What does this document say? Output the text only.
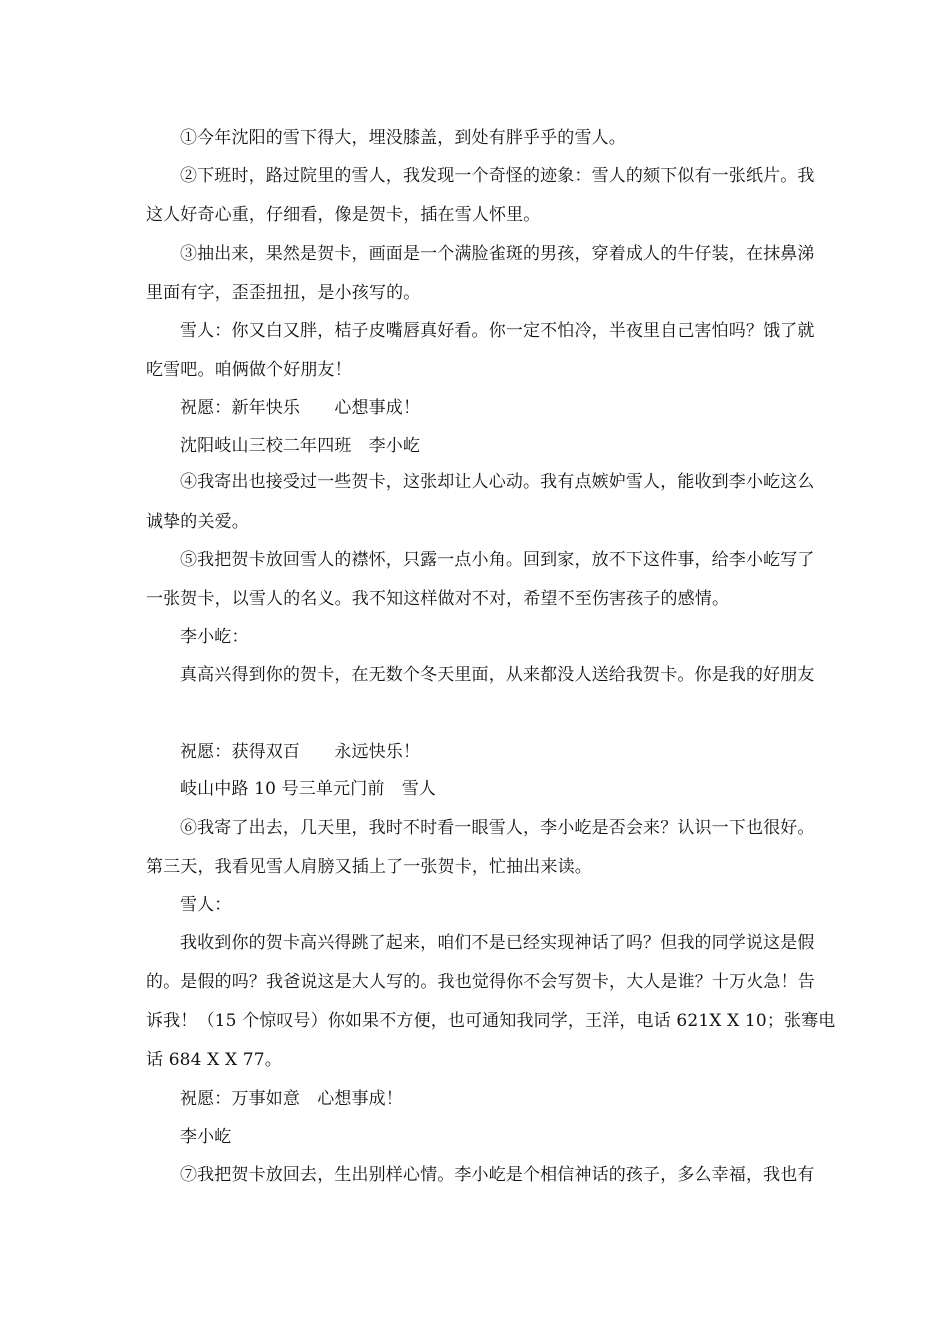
①今年沈阳的雪下得大，埋没膝盖，到处有胖乎乎的雪人。
②下班时，路过院里的雪人，我发现一个奇怪的迹象：雪人的颏下似有一张纸片。我
这人好奇心重，仔细看，像是贺卡，插在雪人怀里。
③抽出来，果然是贺卡，画面是一个满脸雀斑的男孩，穿着成人的牛仔装，在抹鼻涕
里面有字，歪歪扭扭，是小孩写的。
雪人：你又白又胖，桔子皮嘴唇真好看。你一定不怕冷，半夜里自己害怕吗？饿了就
吃雪吧。咱俩做个好朋友！
祝愿：新年快乐　　心想事成！
沈阳岐山三校二年四班　李小屹
④我寄出也接受过一些贺卡，这张却让人心动。我有点嫉妒雪人，能收到李小屹这么
诚挚的关爱。
⑤我把贺卡放回雪人的襟怀，只露一点小角。回到家，放不下这件事，给李小屹写了
一张贺卡，以雪人的名义。我不知这样做对不对，希望不至伤害孩子的感情。
李小屹：
真高兴得到你的贺卡，在无数个冬天里面，从来都没人送给我贺卡。你是我的好朋友
祝愿：获得双百　　永远快乐！
岐山中路 10 号三单元门前　雪人
⑥我寄了出去，几天里，我时不时看一眼雪人，李小屹是否会来？认识一下也很好。
第三天，我看见雪人肩膀又插上了一张贺卡，忙抽出来读。
雪人：
我收到你的贺卡高兴得跳了起来，咱们不是已经实现神话了吗？但我的同学说这是假
的。是假的吗？我爸说这是大人写的。我也觉得你不会写贺卡，大人是谁？十万火急！告
诉我！（15 个惊叹号）你如果不方便，也可通知我同学，王洋，电话 621X X 10；张骞电
话 684 X X 77。
祝愿：万事如意　心想事成！
李小屹
⑦我把贺卡放回去，生出别样心情。李小屹是个相信神话的孩子，多么幸福，我也有
